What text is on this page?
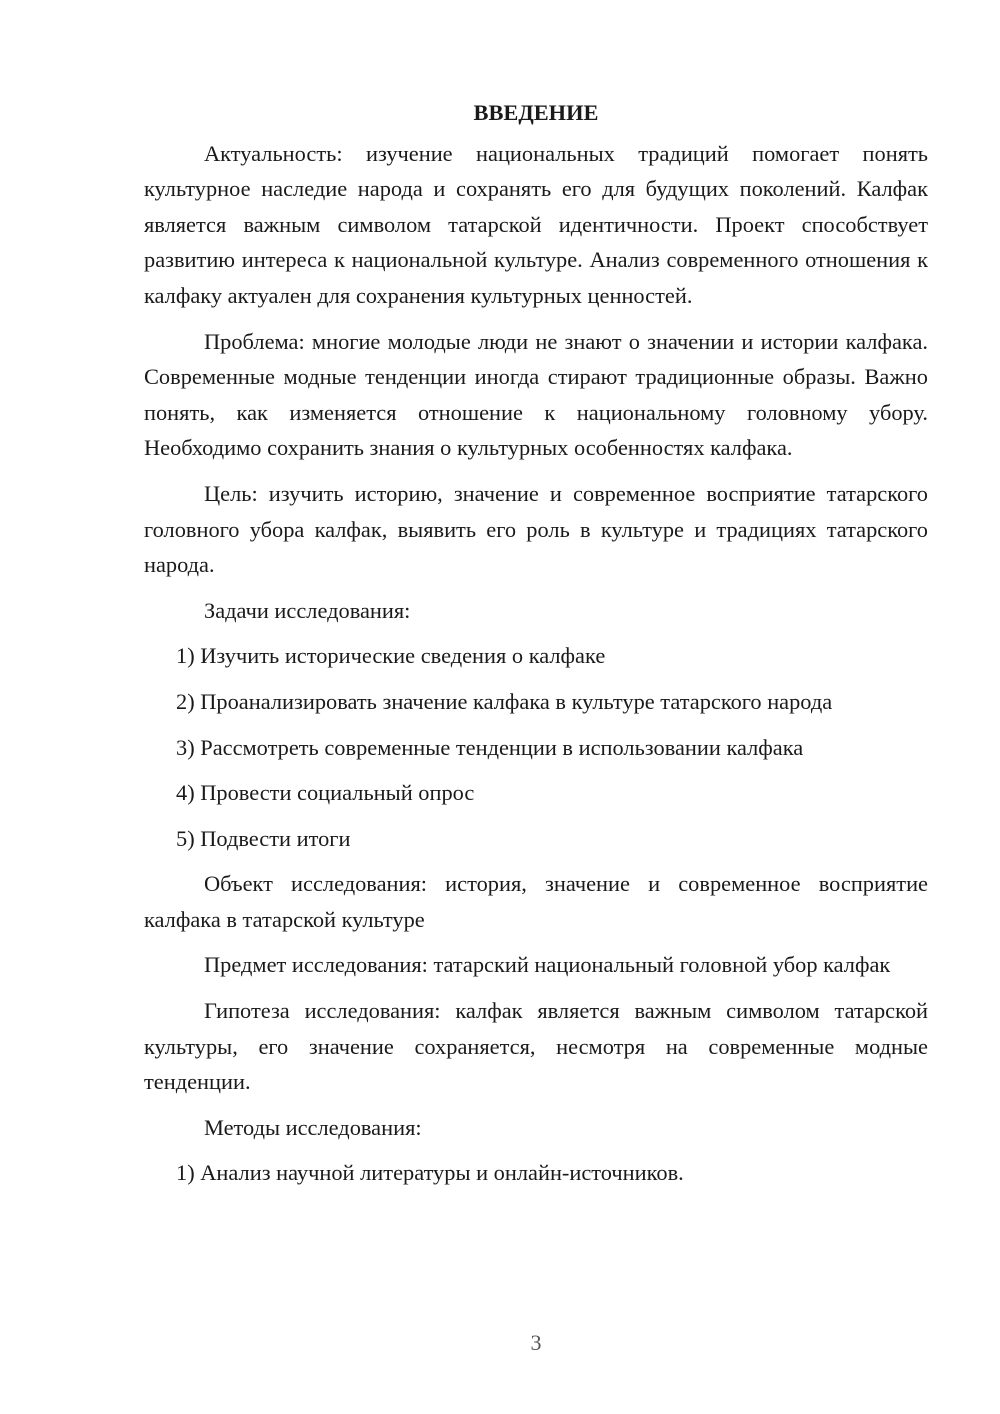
ВВЕДЕНИЕ

Актуальность: изучение национальных традиций помогает понять культурное наследие народа и сохранять его для будущих поколений. Калфак является важным символом татарской идентичности. Проект способствует развитию интереса к национальной культуре. Анализ современного отношения к калфаку актуален для сохранения культурных ценностей.

Проблема: многие молодые люди не знают о значении и истории калфака. Современные модные тенденции иногда стирают традиционные образы. Важно понять, как изменяется отношение к национальному головному убору. Необходимо сохранить знания о культурных особенностях калфака.

Цель: изучить историю, значение и современное восприятие татарского головного убора калфак, выявить его роль в культуре и традициях татарского народа.

Задачи исследования:

1) Изучить исторические сведения о калфаке
2) Проанализировать значение калфака в культуре татарского народа
3) Рассмотреть современные тенденции в использовании калфака
4) Провести социальный опрос
5) Подвести итоги

Объект исследования: история, значение и современное восприятие калфака в татарской культуре

Предмет исследования: татарский национальный головной убор калфак

Гипотеза исследования: калфак является важным символом татарской культуры, его значение сохраняется, несмотря на современные модные тенденции.

Методы исследования:

1) Анализ научной литературы и онлайн-источников.
3
